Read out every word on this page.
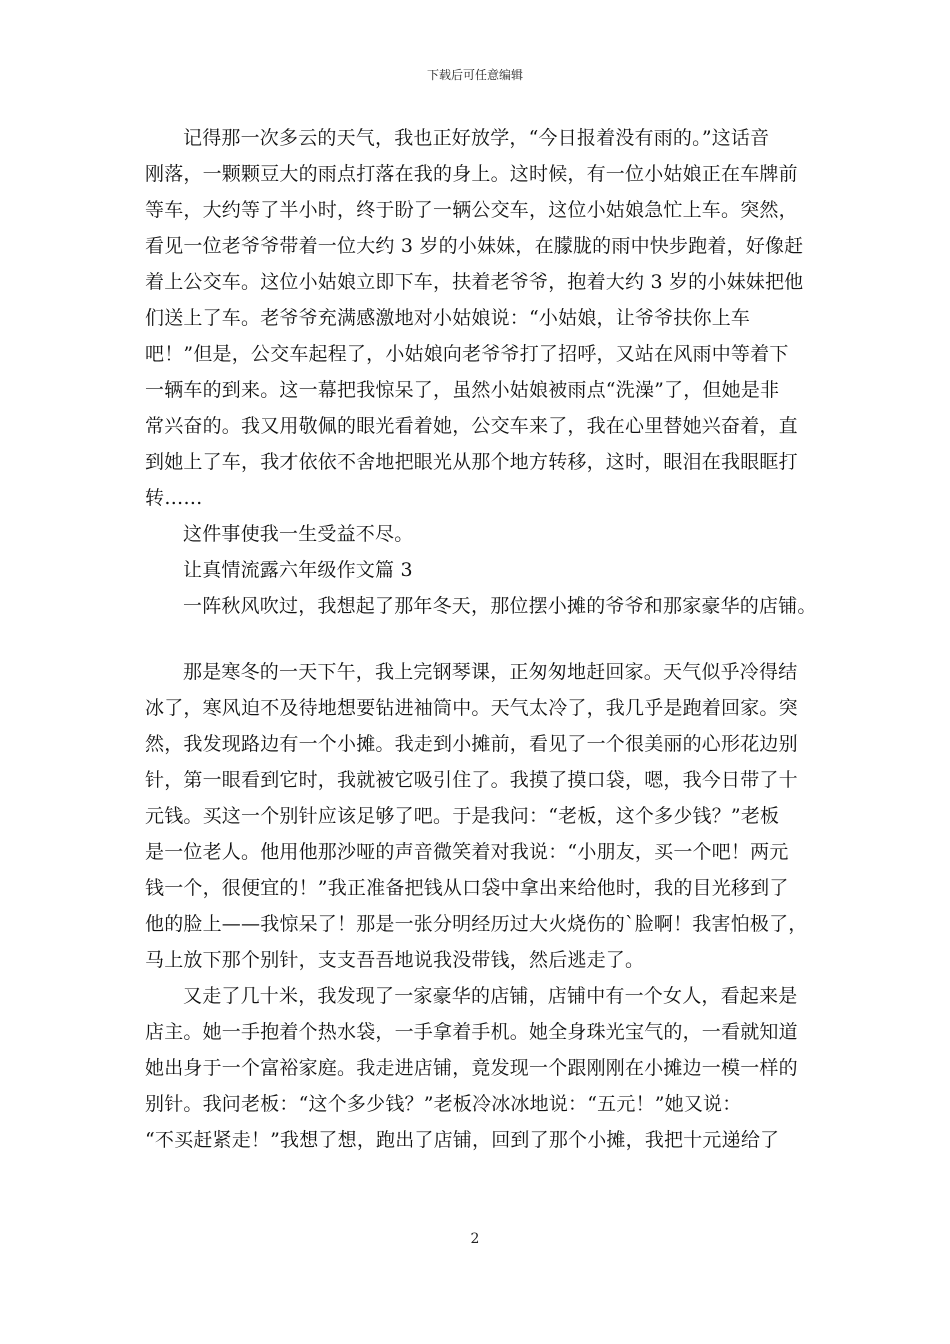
下载后可任意编辑
记得那一次多云的天气，我也正好放学，“今日报着没有雨的。”这话音
刚落，一颗颗豆大的雨点打落在我的身上。这时候，有一位小姑娘正在车牌前
等车，大约等了半小时，终于盼了一辆公交车，这位小姑娘急忙上车。突然，
看见一位老爷爷带着一位大约 3 岁的小妹妹，在朦胧的雨中快步跑着，好像赶
着上公交车。这位小姑娘立即下车，扶着老爷爷，抱着大约 3 岁的小妹妹把他
们送上了车。老爷爷充满感激地对小姑娘说：“小姑娘，让爷爷扶你上车
吧！”但是，公交车起程了，小姑娘向老爷爷打了招呼，又站在风雨中等着下
一辆车的到来。这一幕把我惊呆了，虽然小姑娘被雨点“洗澡”了，但她是非
常兴奋的。我又用敬佩的眼光看着她，公交车来了，我在心里替她兴奋着，直
到她上了车，我才依依不舍地把眼光从那个地方转移，这时，眼泪在我眼眶打
转……
这件事使我一生受益不尽。
让真情流露六年级作文篇 3
一阵秋风吹过，我想起了那年冬天，那位摆小摊的爷爷和那家豪华的店铺。
那是寒冬的一天下午，我上完钢琴课，正匆匆地赶回家。天气似乎冷得结
冰了，寒风迫不及待地想要钻进袖筒中。天气太冷了，我几乎是跑着回家。突
然，我发现路边有一个小摊。我走到小摊前，看见了一个很美丽的心形花边别
针，第一眼看到它时，我就被它吸引住了。我摸了摸口袋，嗯，我今日带了十
元钱。买这一个别针应该足够了吧。于是我问：“老板，这个多少钱？”老板
是一位老人。他用他那沙哑的声音微笑着对我说：“小朋友，买一个吧！两元
钱一个，很便宜的！”我正准备把钱从口袋中拿出来给他时，我的目光移到了
他的脸上——我惊呆了！那是一张分明经历过大火烧伤的`脸啊！我害怕极了，
马上放下那个别针，支支吾吾地说我没带钱，然后逃走了。
又走了几十米，我发现了一家豪华的店铺，店铺中有一个女人，看起来是
店主。她一手抱着个热水袋，一手拿着手机。她全身珠光宝气的，一看就知道
她出身于一个富裕家庭。我走进店铺，竟发现一个跟刚刚在小摊边一模一样的
别针。我问老板：“这个多少钱？”老板冷冰冰地说：“五元！”她又说：
“不买赶紧走！”我想了想，跑出了店铺，回到了那个小摊，我把十元递给了
2
